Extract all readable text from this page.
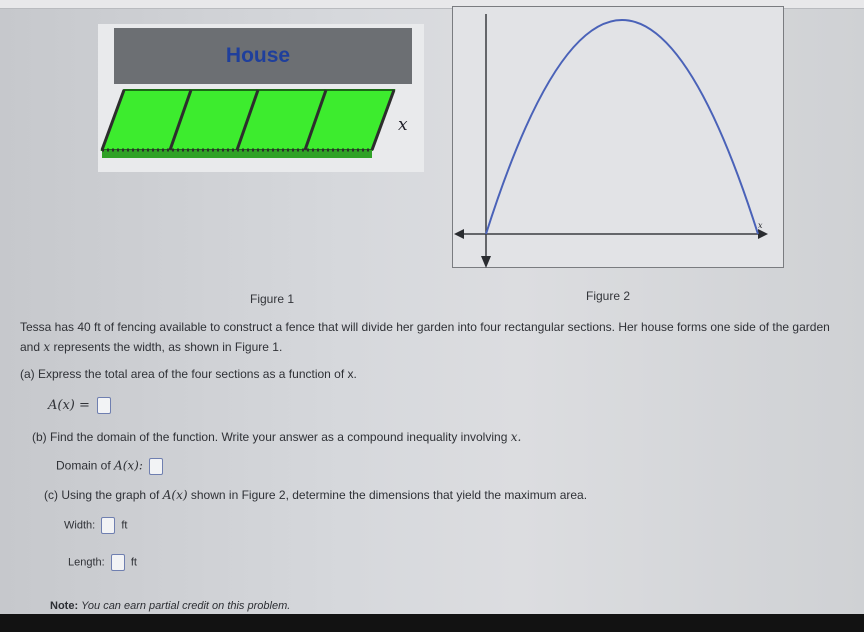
House
x
x
Figure 1	Figure 2
Tessa has 40 ft of fencing available to construct a fence that will divide her garden into four rectangular sections. Her house forms one side of the garden
and x represents the width, as shown in Figure 1.
(a) Express the total area of the four sections as a function of x.
A(x) =
(b) Find the domain of the function. Write your answer as a compound inequality involving x.
Domain of A(x):
(c) Using the graph of A(x) shown in Figure 2, determine the dimensions that yield the maximum area.
Width: ft
Length: ft
Note: You can earn partial credit on this problem.
